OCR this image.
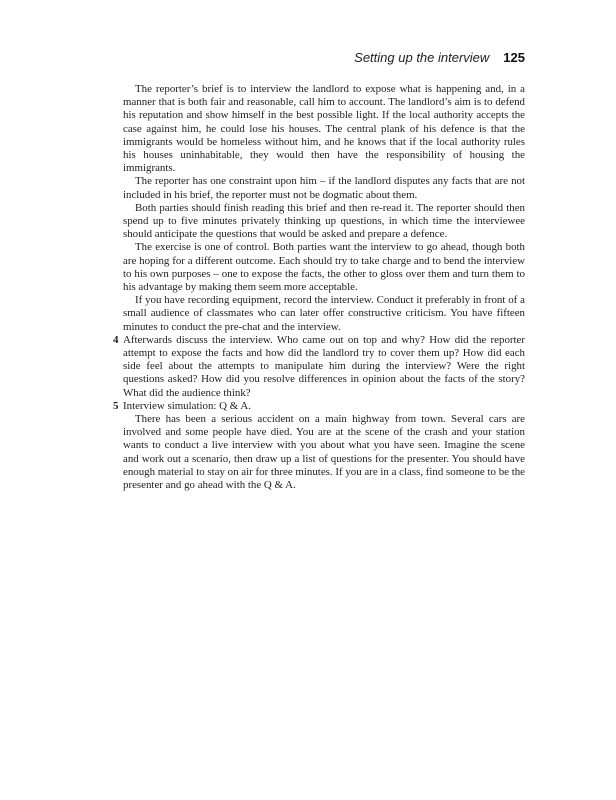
Setting up the interview 125

The reporter’s brief is to interview the landlord to expose what is happening and, in a manner that is both fair and reasonable, call him to account. The landlord’s aim is to defend his reputation and show himself in the best possible light. If the local authority accepts the case against him, he could lose his houses. The central plank of his defence is that the immigrants would be homeless without him, and he knows that if the local authority rules his houses uninhabitable, they would then have the responsibility of housing the immigrants.

The reporter has one constraint upon him – if the landlord disputes any facts that are not included in his brief, the reporter must not be dogmatic about them.

Both parties should finish reading this brief and then re-read it. The reporter should then spend up to five minutes privately thinking up questions, in which time the interviewee should anticipate the questions that would be asked and prepare a defence.

The exercise is one of control. Both parties want the interview to go ahead, though both are hoping for a different outcome. Each should try to take charge and to bend the interview to his own purposes – one to expose the facts, the other to gloss over them and turn them to his advantage by making them seem more acceptable.

If you have recording equipment, record the interview. Conduct it preferably in front of a small audience of classmates who can later offer constructive criticism. You have fifteen minutes to conduct the pre-chat and the interview.

4 Afterwards discuss the interview. Who came out on top and why? How did the reporter attempt to expose the facts and how did the landlord try to cover them up? How did each side feel about the attempts to manipulate him during the interview? Were the right questions asked? How did you resolve differences in opinion about the facts of the story? What did the audience think?

5 Interview simulation: Q & A.

There has been a serious accident on a main highway from town. Several cars are involved and some people have died. You are at the scene of the crash and your station wants to conduct a live interview with you about what you have seen. Imagine the scene and work out a scenario, then draw up a list of questions for the presenter. You should have enough material to stay on air for three minutes. If you are in a class, find someone to be the presenter and go ahead with the Q & A.
